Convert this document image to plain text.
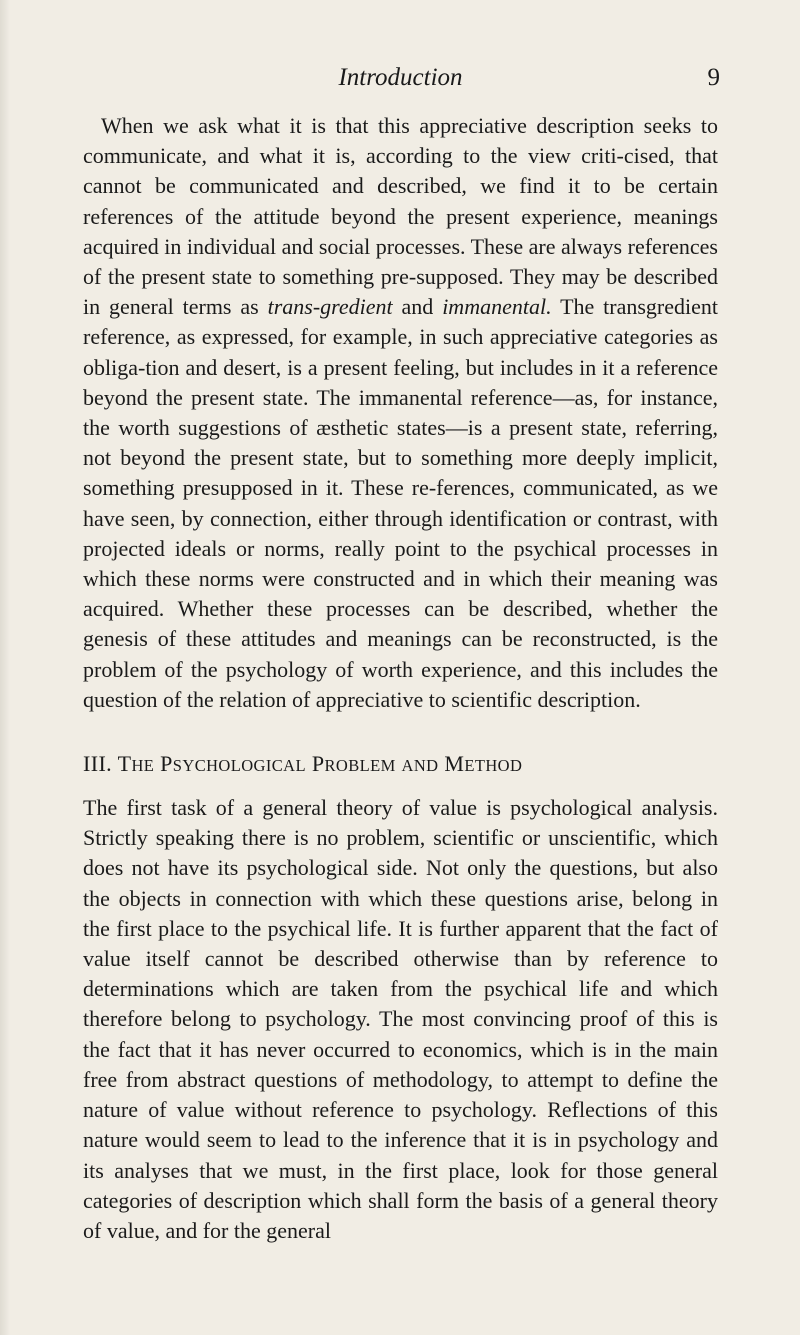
Introduction	9

When we ask what it is that this appreciative description seeks to communicate, and what it is, according to the view criti-cised, that cannot be communicated and described, we find it to be certain references of the attitude beyond the present experience, meanings acquired in individual and social processes. These are always references of the present state to something pre-supposed. They may be described in general terms as trans-gredient and immanental. The transgredient reference, as expressed, for example, in such appreciative categories as obliga-tion and desert, is a present feeling, but includes in it a reference beyond the present state. The immanental reference—as, for instance, the worth suggestions of æsthetic states—is a present state, referring, not beyond the present state, but to something more deeply implicit, something presupposed in it. These re-ferences, communicated, as we have seen, by connection, either through identification or contrast, with projected ideals or norms, really point to the psychical processes in which these norms were constructed and in which their meaning was acquired. Whether these processes can be described, whether the genesis of these attitudes and meanings can be reconstructed, is the problem of the psychology of worth experience, and this includes the question of the relation of appreciative to scientific description.

III. THE PSYCHOLOGICAL PROBLEM AND METHOD

The first task of a general theory of value is psychological analysis. Strictly speaking there is no problem, scientific or unscientific, which does not have its psychological side. Not only the questions, but also the objects in connection with which these questions arise, belong in the first place to the psychical life. It is further apparent that the fact of value itself cannot be described otherwise than by reference to determinations which are taken from the psychical life and which therefore belong to psychology. The most convincing proof of this is the fact that it has never occurred to economics, which is in the main free from abstract questions of methodology, to attempt to define the nature of value without reference to psychology. Reflections of this nature would seem to lead to the inference that it is in psychology and its analyses that we must, in the first place, look for those general categories of description which shall form the basis of a general theory of value, and for the general
